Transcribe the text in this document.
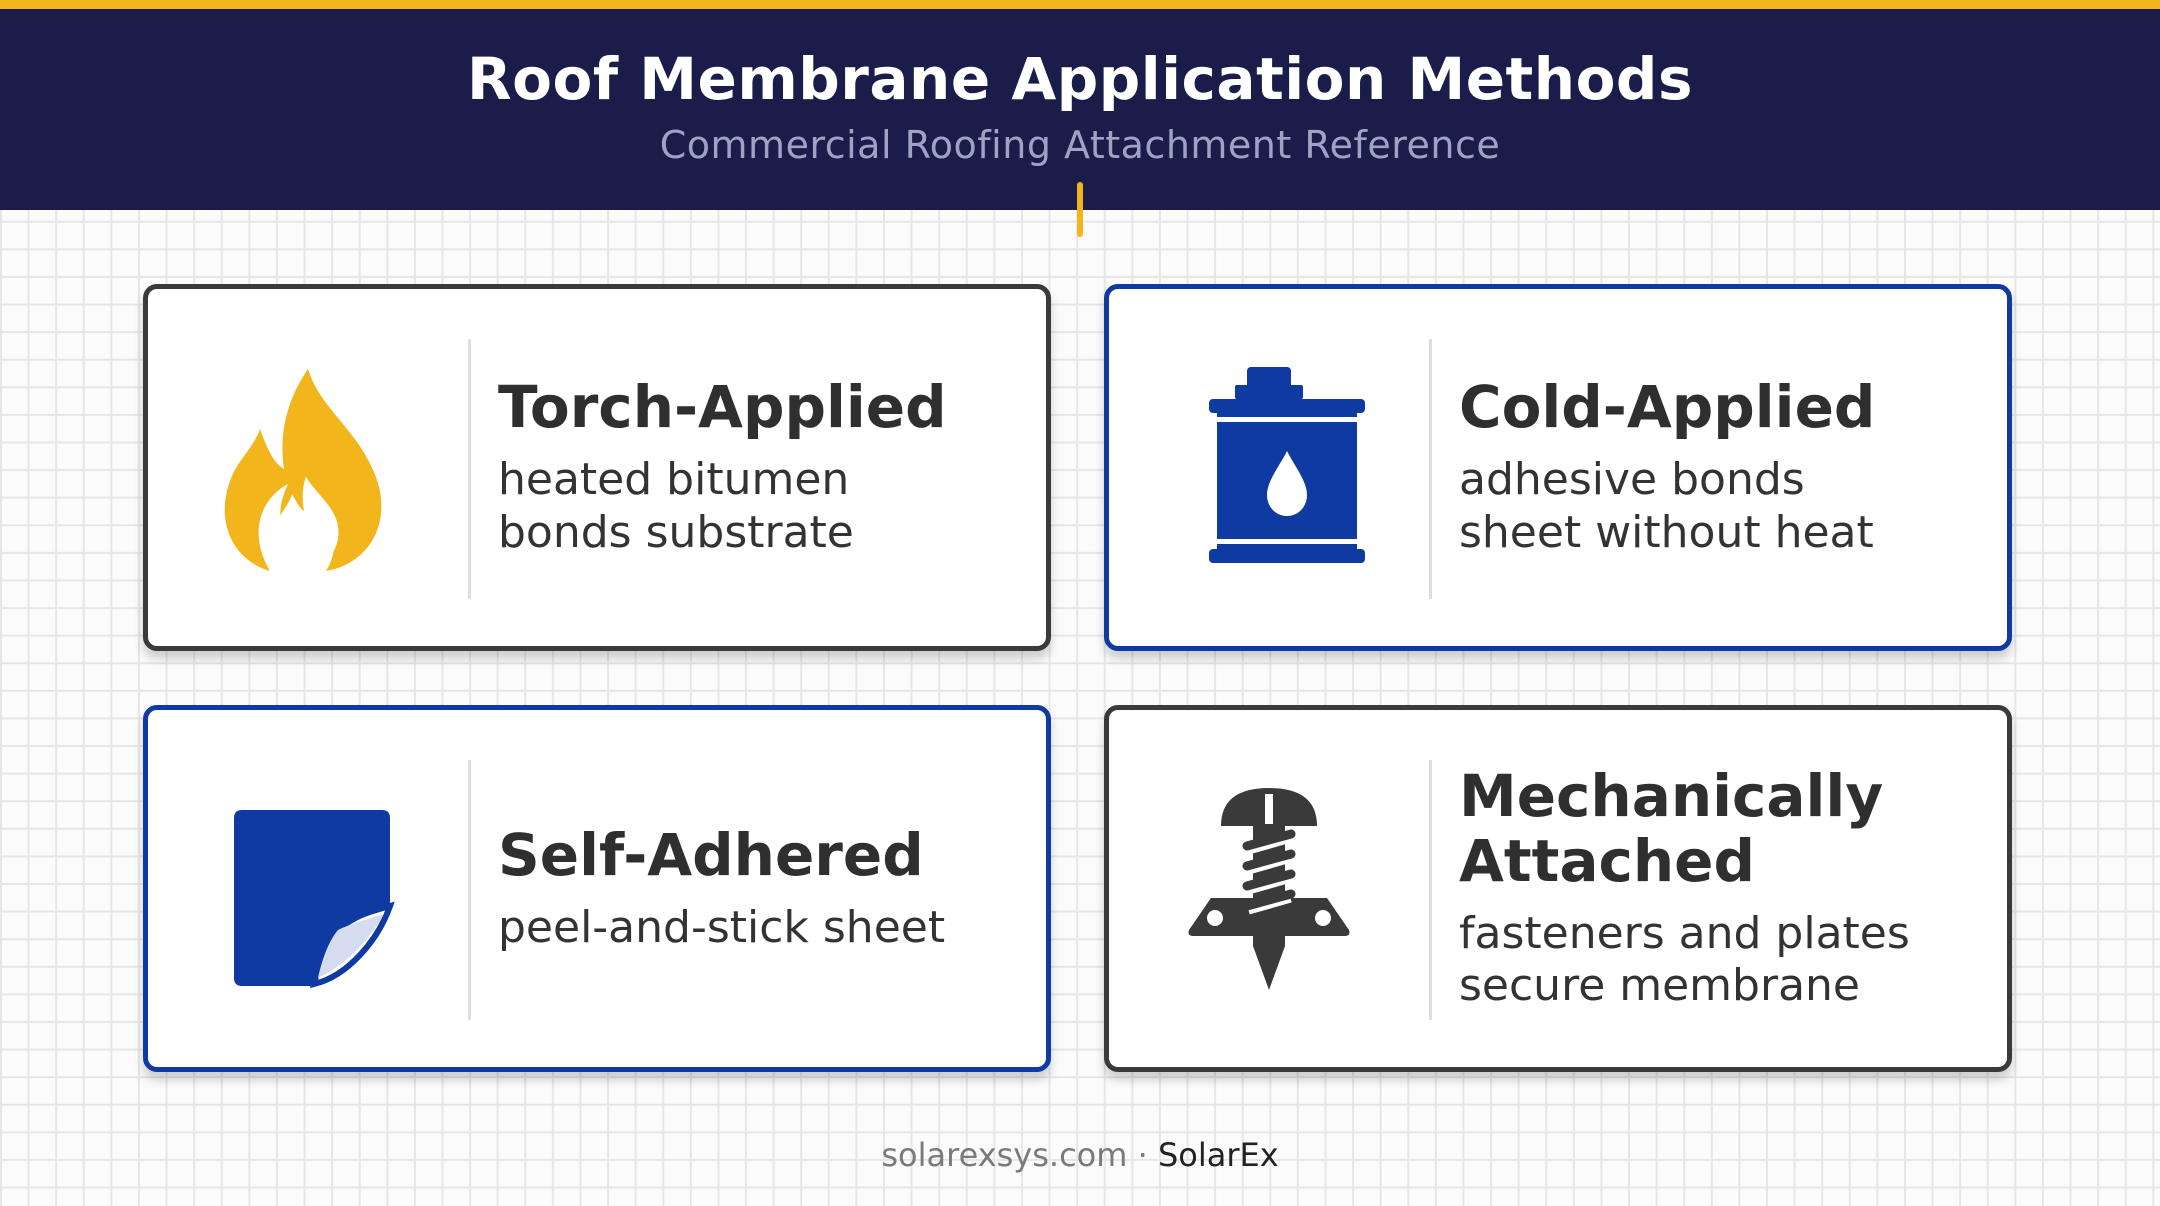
Roof Membrane Application Methods
Commercial Roofing Attachment Reference
Torch-Applied
heated bitumen
bonds substrate
Cold-Applied
adhesive bonds
sheet without heat
Self-Adhered
peel-and-stick sheet
Mechanically
Attached
fasteners and plates
secure membrane
solarexsys.com · SolarEx
